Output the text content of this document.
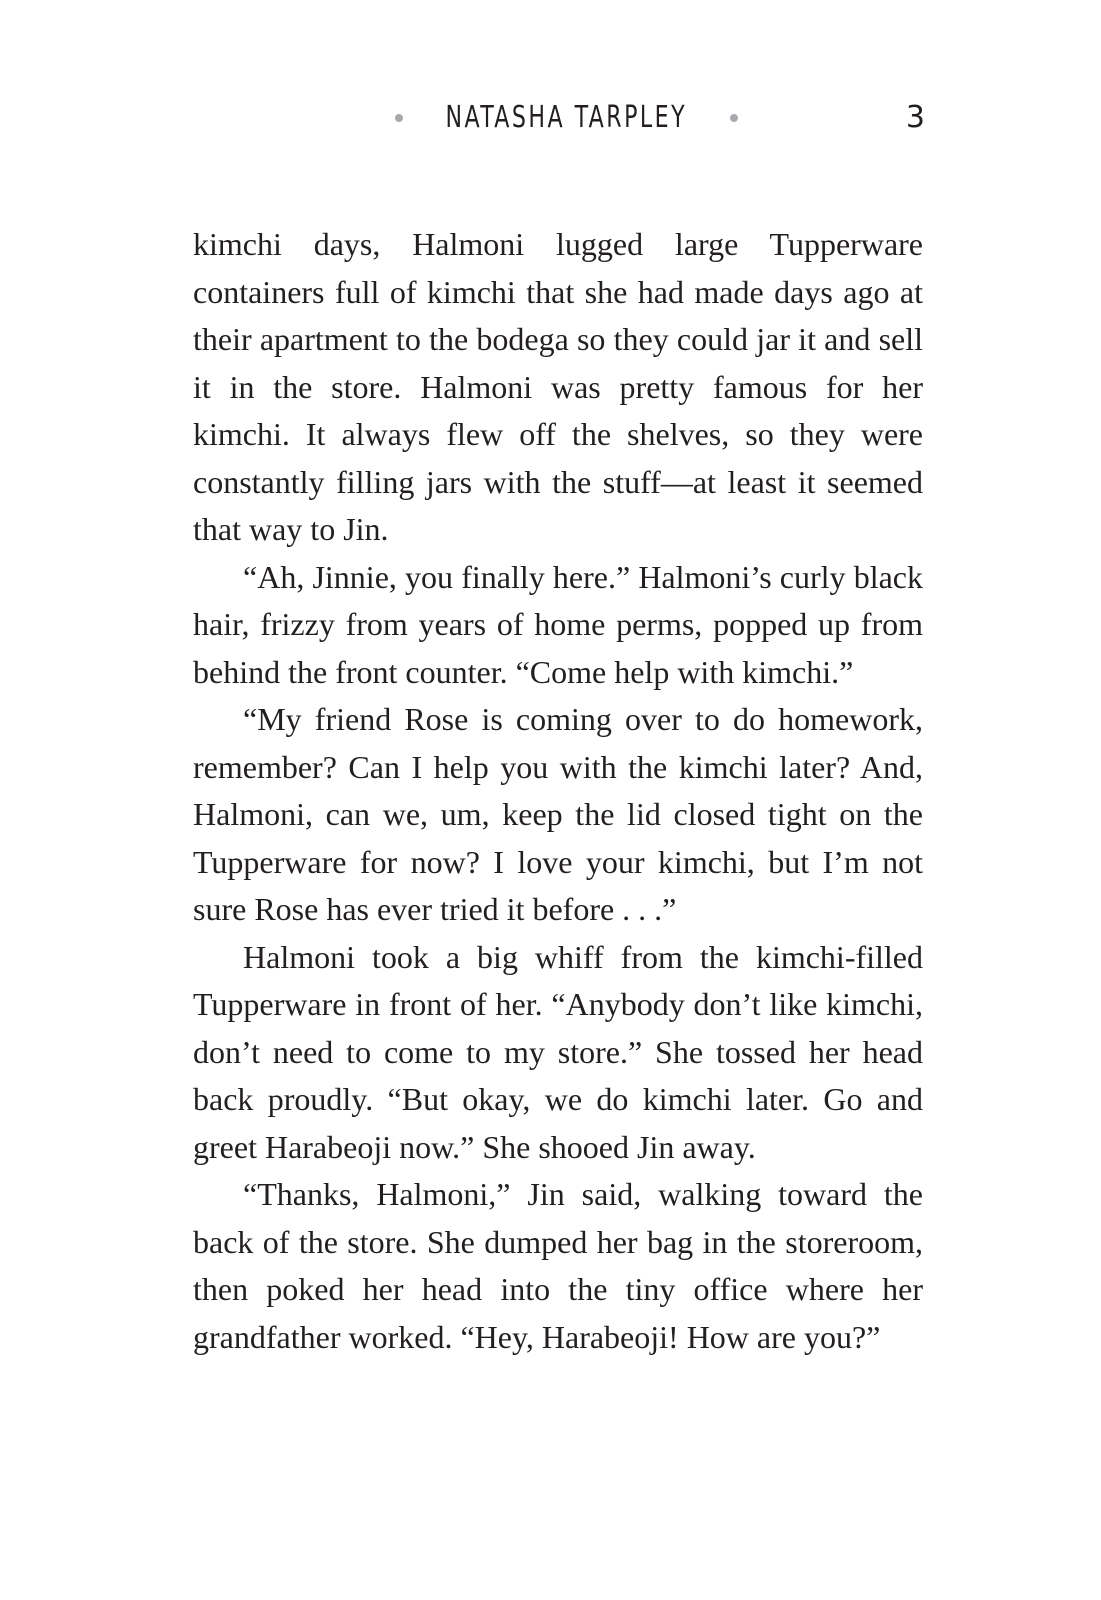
NATASHA TARPLEY	3

kimchi days, Halmoni lugged large Tupperware containers full of kimchi that she had made days ago at their apartment to the bodega so they could jar it and sell it in the store. Halmoni was pretty famous for her kimchi. It always flew off the shelves, so they were constantly filling jars with the stuff—at least it seemed that way to Jin.

“Ah, Jinnie, you finally here.” Halmoni’s curly black hair, frizzy from years of home perms, popped up from behind the front counter. “Come help with kimchi.”

“My friend Rose is coming over to do homework, remember? Can I help you with the kimchi later? And, Halmoni, can we, um, keep the lid closed tight on the Tupperware for now? I love your kimchi, but I’m not sure Rose has ever tried it before . . .”

Halmoni took a big whiff from the kimchi-filled Tupperware in front of her. “Anybody don’t like kimchi, don’t need to come to my store.” She tossed her head back proudly. “But okay, we do kimchi later. Go and greet Harabeoji now.” She shooed Jin away.

“Thanks, Halmoni,” Jin said, walking toward the back of the store. She dumped her bag in the storeroom, then poked her head into the tiny office where her grandfather worked. “Hey, Harabeoji! How are you?”
